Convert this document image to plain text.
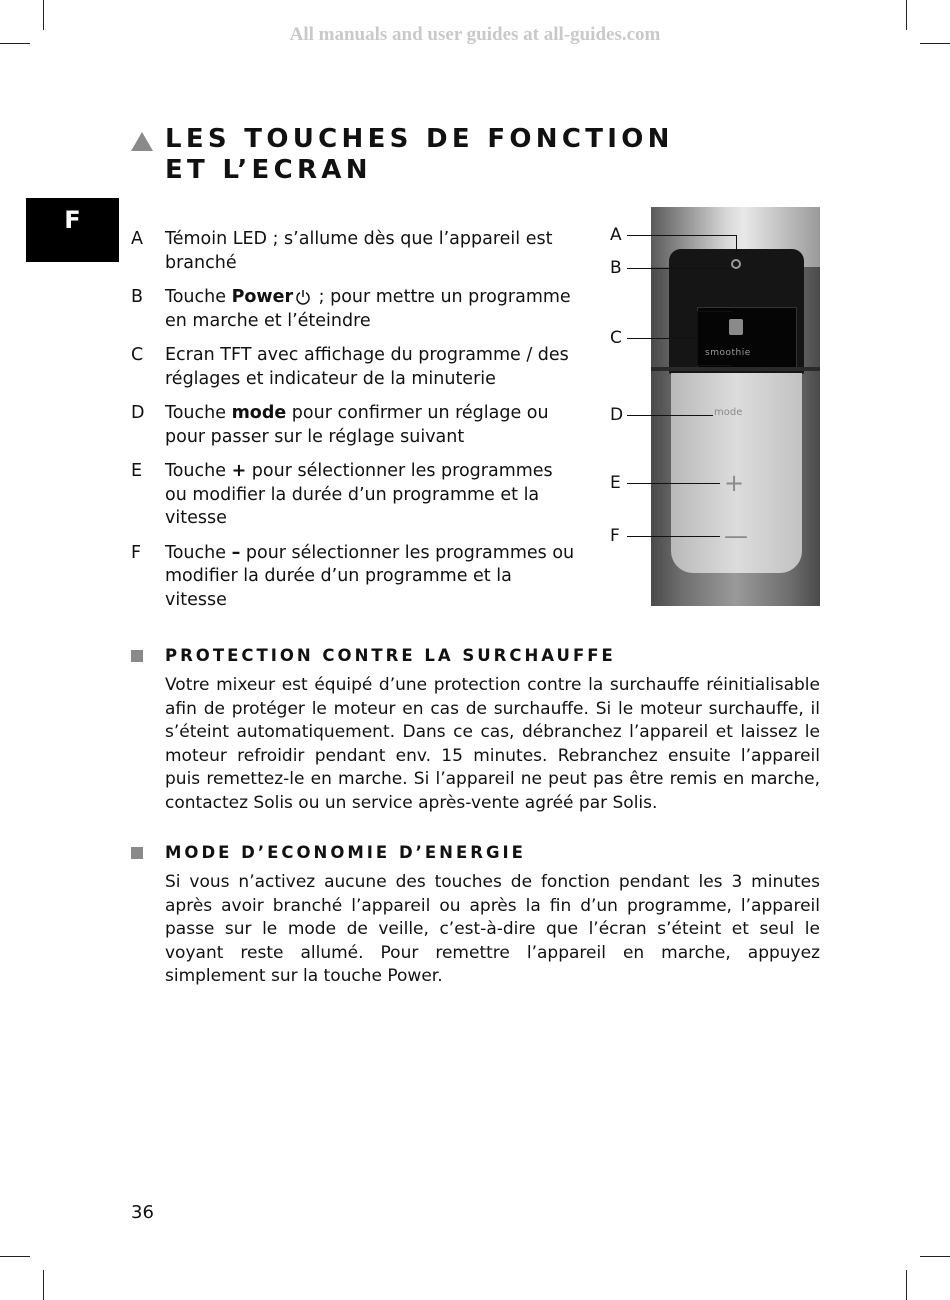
All manuals and user guides at all-guides.com
F
LES TOUCHES DE FONCTION
ET L’ECRAN
A	Témoin LED ; s’allume dès que l’appareil est branché
B	Touche Power ; pour mettre un programme en marche et l’éteindre
C	Ecran TFT avec affichage du programme / des réglages et indicateur de la minuterie
D	Touche mode pour confirmer un réglage ou pour passer sur le réglage suivant
E	Touche + pour sélectionner les programmes ou modifier la durée d’un programme et la vitesse
F	Touche – pour sélectionner les programmes ou modifier la durée d’un programme et la vitesse
smoothie
mode
+
—
A
B
C
D
E
F
PROTECTION CONTRE LA SURCHAUFFE
Votre mixeur est équipé d’une protection contre la surchauffe réinitialisable afin de protéger le moteur en cas de surchauffe. Si le moteur surchauffe, il s’éteint automatiquement. Dans ce cas, débranchez l’appareil et laissez le moteur refroidir pendant env. 15 minutes. Rebranchez ensuite l’appareil puis remettez-le en marche. Si l’appareil ne peut pas être remis en marche, contactez Solis ou un service après-vente agréé par Solis.
MODE D’ECONOMIE D’ENERGIE
Si vous n’activez aucune des touches de fonction pendant les 3 minutes après avoir branché l’appareil ou après la fin d’un programme, l’appareil passe sur le mode de veille, c’est-à-dire que l’écran s’éteint et seul le voyant reste allumé. Pour remettre l’appareil en marche, appuyez simplement sur la touche Power.
36
